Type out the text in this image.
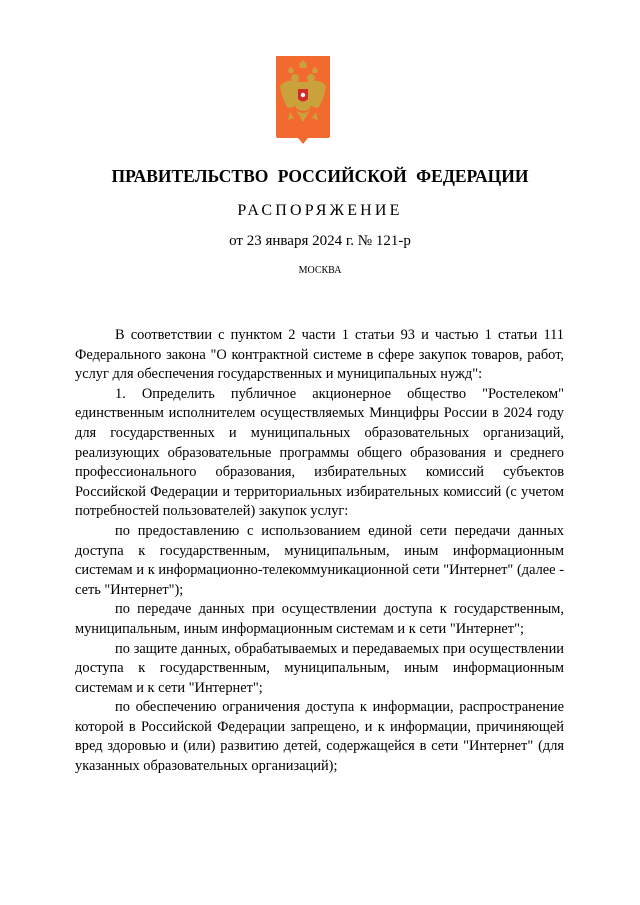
ПРАВИТЕЛЬСТВО РОССИЙСКОЙ ФЕДЕРАЦИИ
РАСПОРЯЖЕНИЕ
от 23 января 2024 г. № 121-р
МОСКВА

В соответствии с пунктом 2 части 1 статьи 93 и частью 1 статьи 111 Федерального закона "О контрактной системе в сфере закупок товаров, работ, услуг для обеспечения государственных и муниципальных нужд":

1. Определить публичное акционерное общество "Ростелеком" единственным исполнителем осуществляемых Минцифры России в 2024 году для государственных и муниципальных образовательных организаций, реализующих образовательные программы общего образования и среднего профессионального образования, избирательных комиссий субъектов Российской Федерации и территориальных избирательных комиссий (с учетом потребностей пользователей) закупок услуг:

по предоставлению с использованием единой сети передачи данных доступа к государственным, муниципальным, иным информационным системам и к информационно-телекоммуникационной сети "Интернет" (далее - сеть "Интернет");

по передаче данных при осуществлении доступа к государственным, муниципальным, иным информационным системам и к сети "Интернет";

по защите данных, обрабатываемых и передаваемых при осуществлении доступа к государственным, муниципальным, иным информационным системам и к сети "Интернет";

по обеспечению ограничения доступа к информации, распространение которой в Российской Федерации запрещено, и к информации, причиняющей вред здоровью и (или) развитию детей, содержащейся в сети "Интернет" (для указанных образовательных организаций);
